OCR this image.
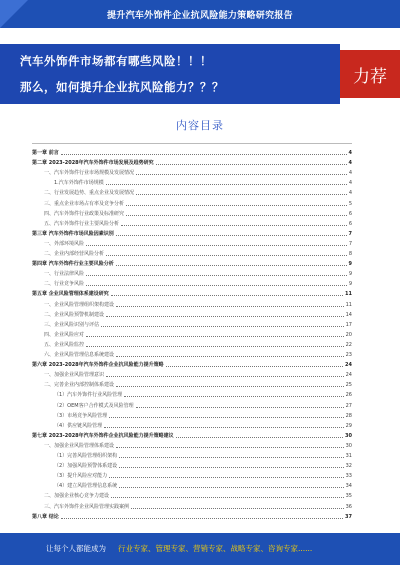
提升汽车外饰件企业抗风险能力策略研究报告
汽车外饰件市场都有哪些风险！！！
那么，如何提升企业抗风险能力？？？
力荐
内容目录
第一章 前言	4
第二章 2023-2028年汽车外饰件市场发展及趋势研究	4
一、汽车外饰件行业市场规模及发展情况	4
1.汽车外饰件市场规模	4
二、行业发展趋势、重点企业及发展情况	4
三、重点企业市场占有率及竞争分析	5
四、汽车外饰件行业政策及标准研究	6
五、汽车外饰件行业主要风险分析	6
第三章 汽车外饰件市场风险因素识别	7
一、外部环境风险	7
二、企业内部经营风险分析	8
第四章 汽车外饰件行业主要风险分析	9
一、行业法律风险	9
二、行业竞争风险	9
第五章 企业风险管理体系建设研究	11
一、企业风险管理组织架构建设	11
二、企业风险预警机制建设	14
三、企业风险识别与评估	17
四、企业风险应对	20
五、企业风险监控	22
六、企业风险管理信息系统建设	23
第六章 2023-2028年汽车外饰件企业抗风险能力提升策略	24
一、加强企业风险管理意识	24
二、完善企业内部控制体系建设	25
（1）汽车外饰件行业风险管理	26
（2）OEM客户合作模式及风险管理	27
（3）市场竞争风险管理	28
（4）供应链风险管理	29
第七章 2023-2028年汽车外饰件企业抗风险能力提升策略建议	30
一、加强企业风险管理体系建设	30
（1）完善风险管理组织架构	31
（2）加强风险预警体系建设	32
（3）提升风险应对能力	33
（4）建立风险管理信息系统	34
二、加强企业核心竞争力建设	35
三、汽车外饰件企业风险管理实践案例	36
第八章 结论	37
让每个人都能成为 行业专家、管理专家、营销专家、战略专家、咨询专家......
